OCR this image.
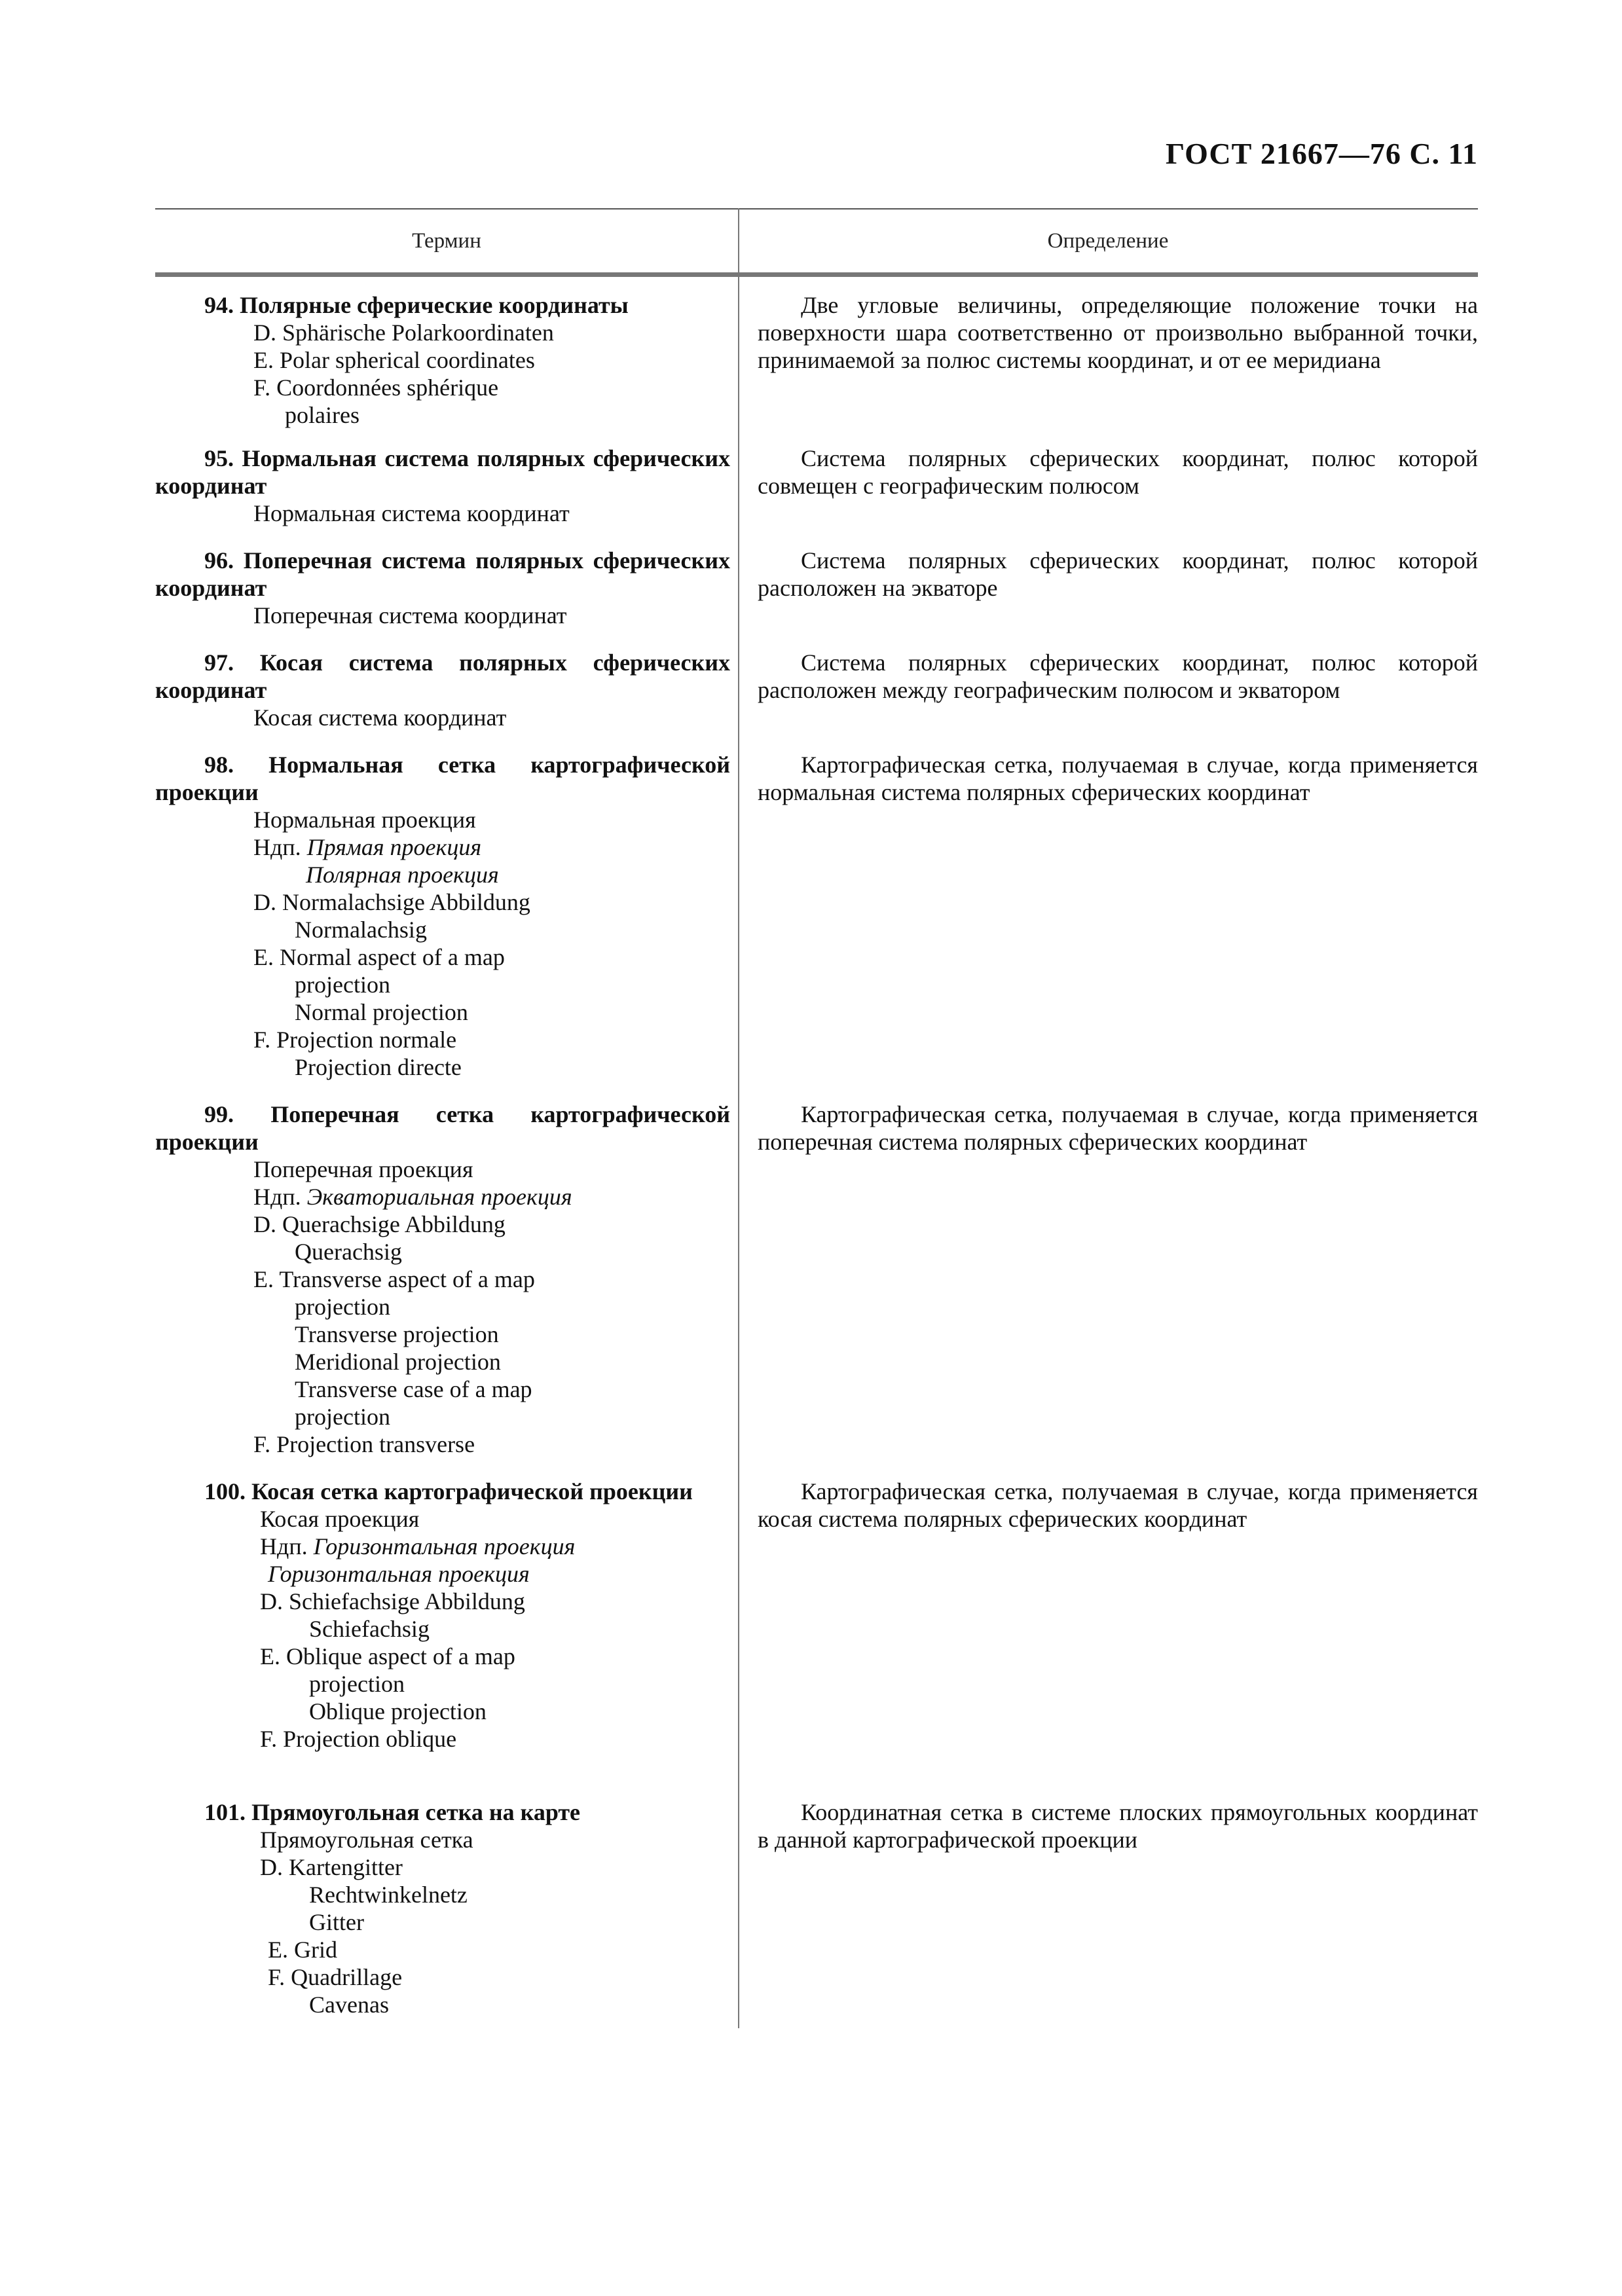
ГОСТ 21667—76 С. 11
Термин	Определение

94. Полярные сферические координаты

D. Sphärische Polarkoordinaten

E. Polar spherical coordinates

F. Coordonnées sphérique

polaires

Две угловые величины, определяющие положение точки на поверхности шара соответственно от произвольно выбранной точки, принимаемой за полюс системы координат, и от ее меридиана

95. Нормальная система полярных сферических координат

Нормальная система координат

Система полярных сферических координат, полюс которой совмещен с географическим полюсом

96. Поперечная система полярных сферических координат

Поперечная система координат

Система полярных сферических координат, полюс которой расположен на экваторе

97. Косая система полярных сферических координат

Косая система координат

Система полярных сферических координат, полюс которой расположен между географическим полюсом и экватором

98. Нормальная сетка картографической проекции

Нормальная проекция

Ндп. Прямая проекция

Полярная проекция

D. Normalachsige Abbildung

Normalachsig

E. Normal aspect of a map

projection

Normal projection

F. Projection normale

Projection directe

Картографическая сетка, получаемая в случае, когда применяется нормальная система полярных сферических координат

99. Поперечная сетка картографической проекции

Поперечная проекция

Ндп. Экваториальная проекция

D. Querachsige Abbildung

Querachsig

E. Transverse aspect of a map

projection

Transverse projection

Meridional projection

Transverse case of a map

projection

F. Projection transverse

Картографическая сетка, получаемая в случае, когда применяется поперечная система полярных сферических координат

100. Косая сетка картографической проекции

Косая проекция

Ндп. Горизонтальная проекция

Горизонтальная проекция

D. Schiefachsige Abbildung

Schiefachsig

E. Oblique aspect of a map

projection

Oblique projection

F. Projection oblique

Картографическая сетка, получаемая в случае, когда применяется косая система полярных сферических координат

101. Прямоугольная сетка на карте

Прямоугольная сетка

D. Kartengitter

Rechtwinkelnetz

Gitter

E. Grid

F. Quadrillage

Cavenas

Координатная сетка в системе плоских прямоугольных координат в данной картографической проекции
